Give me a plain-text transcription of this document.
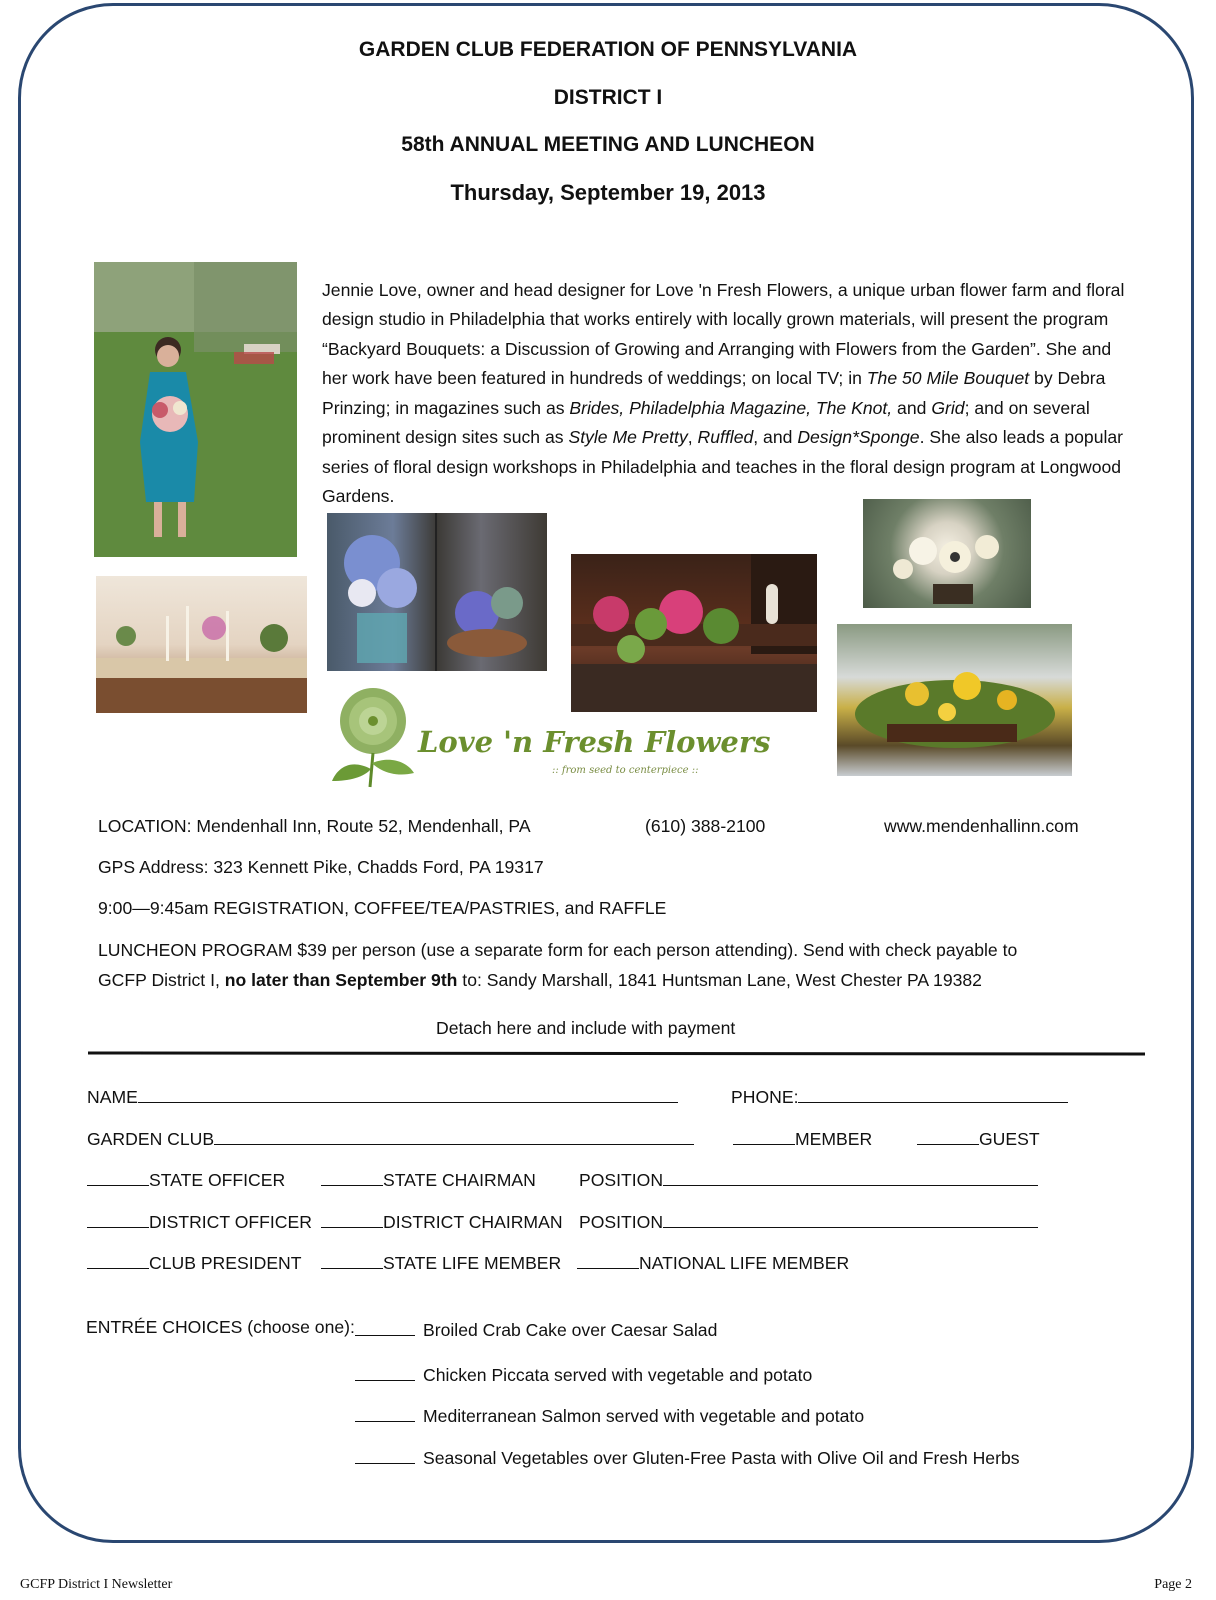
GARDEN CLUB FEDERATION OF PENNSYLVANIA
DISTRICT I
58th ANNUAL MEETING AND LUNCHEON
Thursday, September 19, 2013
Love 'n Fresh Flowers
:: from seed to centerpiece ::

Jennie Love, owner and head designer for Love 'n Fresh Flowers, a unique urban flower farm and floral design studio in Philadelphia that works entirely with locally grown materials, will present the program “Backyard Bouquets: a Discussion of Growing and Arranging with Flowers from the Garden”. She and her work have been featured in hundreds of weddings; on local TV; in The 50 Mile Bouquet by Debra Prinzing; in magazines such as Brides, Philadelphia Magazine, The Knot, and Grid; and on several prominent design sites such as Style Me Pretty, Ruffled, and Design*Sponge. She also leads a popular series of floral design workshops in Philadelphia and teaches in the floral design program at Longwood Gardens.

LOCATION: Mendenhall Inn, Route 52, Mendenhall, PA	(610) 388-2100	www.mendenhallinn.com
GPS Address: 323 Kennett Pike, Chadds Ford, PA 19317
9:00—9:45am REGISTRATION, COFFEE/TEA/PASTRIES, and RAFFLE
LUNCHEON PROGRAM $39 per person (use a separate form for each person attending). Send with check payable to
GCFP District I, no later than September 9th to: Sandy Marshall, 1841 Huntsman Lane, West Chester PA 19382
Detach here and include with payment
NAME	PHONE:
GARDEN CLUB	MEMBER	GUEST
STATE OFFICER	STATE CHAIRMAN POSITION
DISTRICT OFFICER	DISTRICT CHAIRMAN POSITION
CLUB PRESIDENT	STATE LIFE MEMBER	NATIONAL LIFE MEMBER
ENTRÉE CHOICES (choose one):	Broiled Crab Cake over Caesar Salad
Chicken Piccata served with vegetable and potato
Mediterranean Salmon served with vegetable and potato
Seasonal Vegetables over Gluten-Free Pasta with Olive Oil and Fresh Herbs
GCFP District I Newsletter	Page 2
